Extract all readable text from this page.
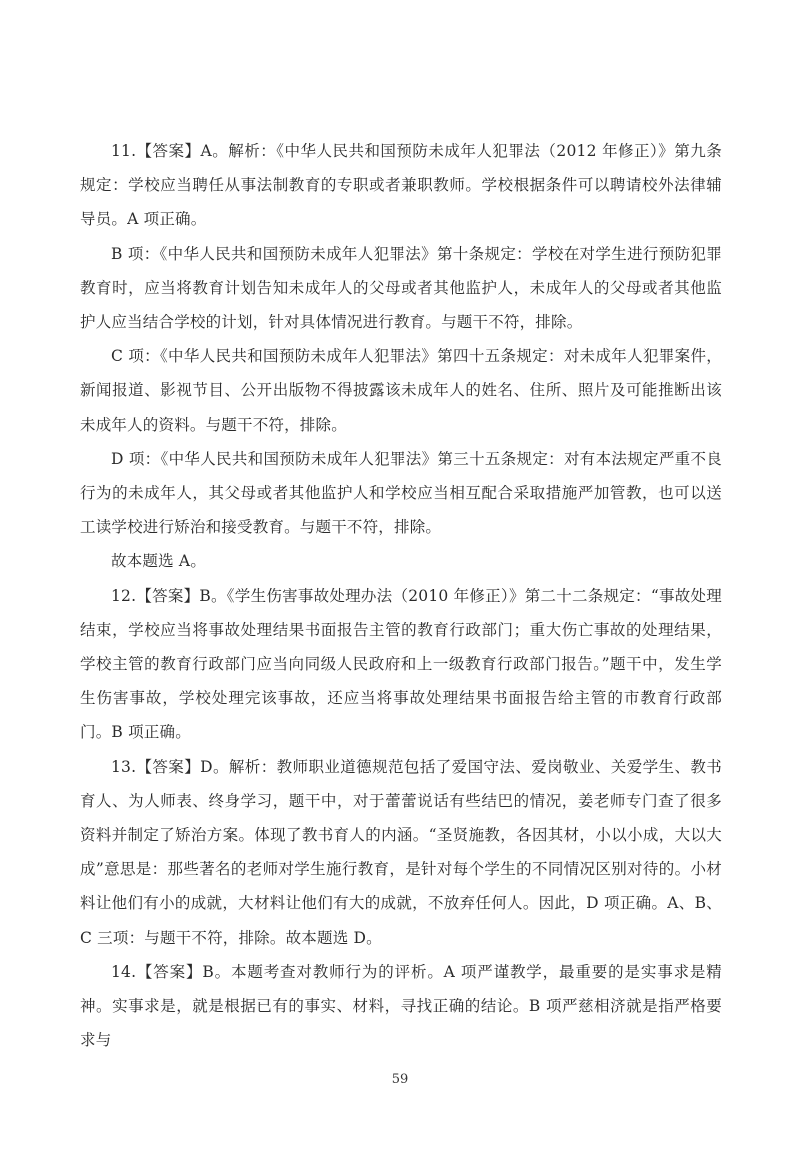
11.【答案】A。解析：《中华人民共和国预防未成年人犯罪法（2012 年修正）》第九条规定：学校应当聘任从事法制教育的专职或者兼职教师。学校根据条件可以聘请校外法律辅导员。A 项正确。

B 项：《中华人民共和国预防未成年人犯罪法》第十条规定：学校在对学生进行预防犯罪教育时，应当将教育计划告知未成年人的父母或者其他监护人，未成年人的父母或者其他监护人应当结合学校的计划，针对具体情况进行教育。与题干不符，排除。

C 项：《中华人民共和国预防未成年人犯罪法》第四十五条规定：对未成年人犯罪案件，新闻报道、影视节目、公开出版物不得披露该未成年人的姓名、住所、照片及可能推断出该未成年人的资料。与题干不符，排除。

D 项：《中华人民共和国预防未成年人犯罪法》第三十五条规定：对有本法规定严重不良行为的未成年人，其父母或者其他监护人和学校应当相互配合采取措施严加管教，也可以送工读学校进行矫治和接受教育。与题干不符，排除。

故本题选 A。

12.【答案】B。《学生伤害事故处理办法（2010 年修正）》第二十二条规定：“事故处理结束，学校应当将事故处理结果书面报告主管的教育行政部门；重大伤亡事故的处理结果，学校主管的教育行政部门应当向同级人民政府和上一级教育行政部门报告。”题干中，发生学生伤害事故，学校处理完该事故，还应当将事故处理结果书面报告给主管的市教育行政部门。B 项正确。

13.【答案】D。解析：教师职业道德规范包括了爱国守法、爱岗敬业、关爱学生、教书育人、为人师表、终身学习，题干中，对于蕾蕾说话有些结巴的情况，姜老师专门查了很多资料并制定了矫治方案。体现了教书育人的内涵。“圣贤施教，各因其材，小以小成，大以大成”意思是：那些著名的老师对学生施行教育，是针对每个学生的不同情况区别对待的。小材料让他们有小的成就，大材料让他们有大的成就，不放弃任何人。因此，D 项正确。A、B、C 三项：与题干不符，排除。故本题选 D。

14.【答案】B。本题考查对教师行为的评析。A 项严谨教学，最重要的是实事求是精神。实事求是，就是根据已有的事实、材料，寻找正确的结论。B 项严慈相济就是指严格要求与

59
